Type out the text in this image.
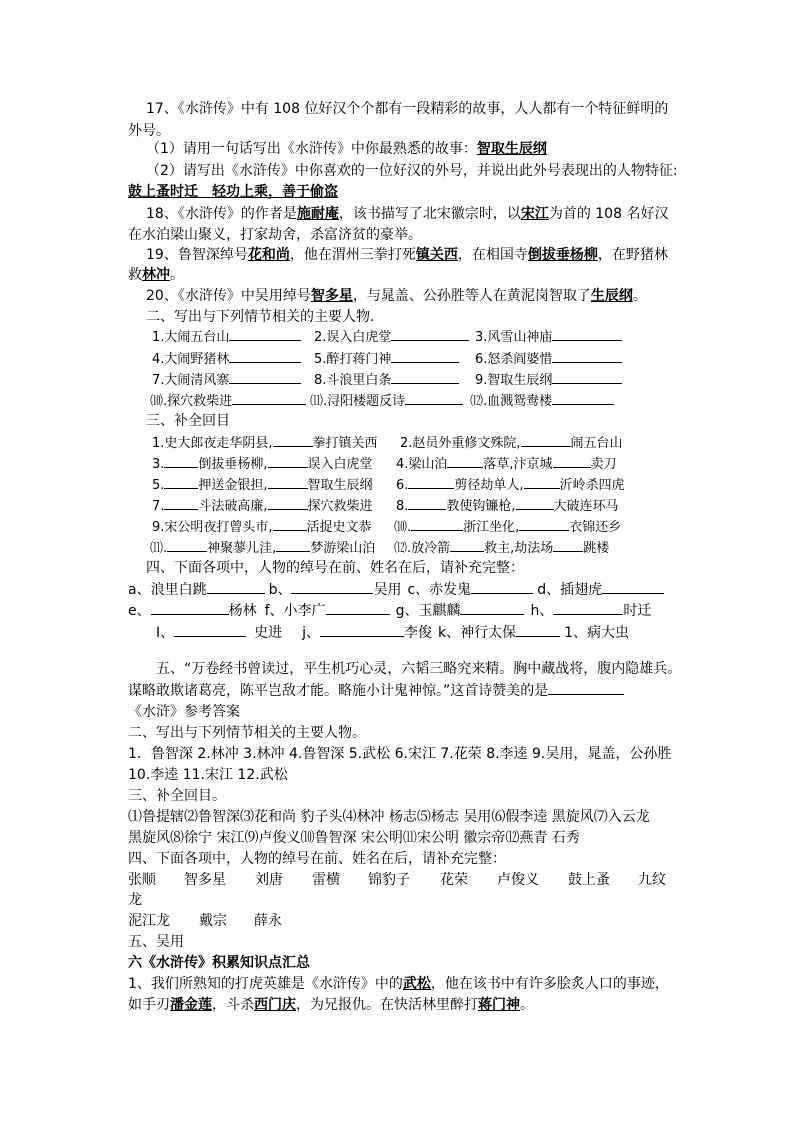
17、《水浒传》中有 108 位好汉个个都有一段精彩的故事，人人都有一个特征鲜明的
外号。
（1）请用一句话写出《水浒传》中你最熟悉的故事：智取生辰纲
（2）请写出《水浒传》中你喜欢的一位好汉的外号，并说出此外号表现出的人物特征:
鼓上蚤时迁　轻功上乘，善于偷盗
18、《水浒传》的作者是施耐庵，该书描写了北宋徽宗时，以宋江为首的 108 名好汉
在水泊梁山聚义，打家劫舍，杀富济贫的豪举。
19、鲁智深绰号花和尚，他在渭州三拳打死镇关西，在相国寺倒拔垂杨柳，在野猪林
救林冲。
20、《水浒传》中吴用绰号智多星，与晁盖、公孙胜等人在黄泥岗智取了生辰纲。
二、写出与下列情节相关的主要人物.
1.大闹五台山	2.误入白虎堂	3.风雪山神庙
4.大闹野猪林	5.醉打蒋门神	6.怒杀阎婆惜
7.大闹清风寨	8.斗浪里白条	9.智取生辰纲
⑽.探穴救柴进	⑾.浔阳楼题反诗	⑿.血溅鸳鸯楼
三、补全回目
1.史大郎夜走华阴县,	拳打镇关西 2.赵员外重修文殊院,	闹五台山
3.	倒拔垂杨柳,	误入白虎堂 4.梁山泊	落草,汴京城	卖刀
5.	押送金银担,	智取生辰纲 6.	剪径劫单人,	沂岭杀四虎
7.	斗法破高廉,	探穴救柴进 8.	教使钩镰枪,	大破连环马
9.宋公明夜打曾头市,	活捉史文恭 ⑽.	浙江坐化,	衣锦还乡
⑾.	神聚蓼儿洼,	梦游梁山泊 ⑿.放冷箭	救主,劫法场 跳楼
四、下面各项中，人物的绰号在前、姓名在后，请补充完整：
a、浪里白跳	b、	吴用 c、赤发鬼	d、插翅虎
e、	杨林 f、小李广	g、玉麒麟	h、	时迁
I、	史进 j、	李俊 k、神行太保	1、病大虫
五、“万卷经书曾读过，平生机巧心灵，六韬三略究来精。胸中藏战将，腹内隐雄兵。
谋略敢欺诸葛亮，陈平岂敌才能。略施小计鬼神惊。”这首诗赞美的是
《水浒》参考答案
二、写出与下列情节相关的主要人物。
1．鲁智深 2.林冲 3.林冲 4.鲁智深 5.武松 6.宋江 7.花荣 8.李逵 9.吴用，晁盖，公孙胜
10.李逵 11.宋江 12.武松
三、补全回目。
⑴鲁提辖⑵鲁智深⑶花和尚 豹子头⑷林冲 杨志⑸杨志 吴用⑹假李逵 黑旋风⑺入云龙
黑旋风⑻徐宁 宋江⑼卢俊义⑽鲁智深 宋公明⑾宋公明 徽宗帝⑿燕青 石秀
四、下面各项中，人物的绰号在前、姓名在后，请补充完整：
张顺 智多星 刘唐 雷横 锦豹子 花荣 卢俊义 鼓上蚤 九纹
龙
泥江龙 戴宗 薛永
五、吴用
六《水浒传》积累知识点汇总
1、我们所熟知的打虎英雄是《水浒传》中的武松，他在该书中有许多脍炙人口的事迹，
如手刃潘金莲，斗杀西门庆，为兄报仇。在快活林里醉打蒋门神。
